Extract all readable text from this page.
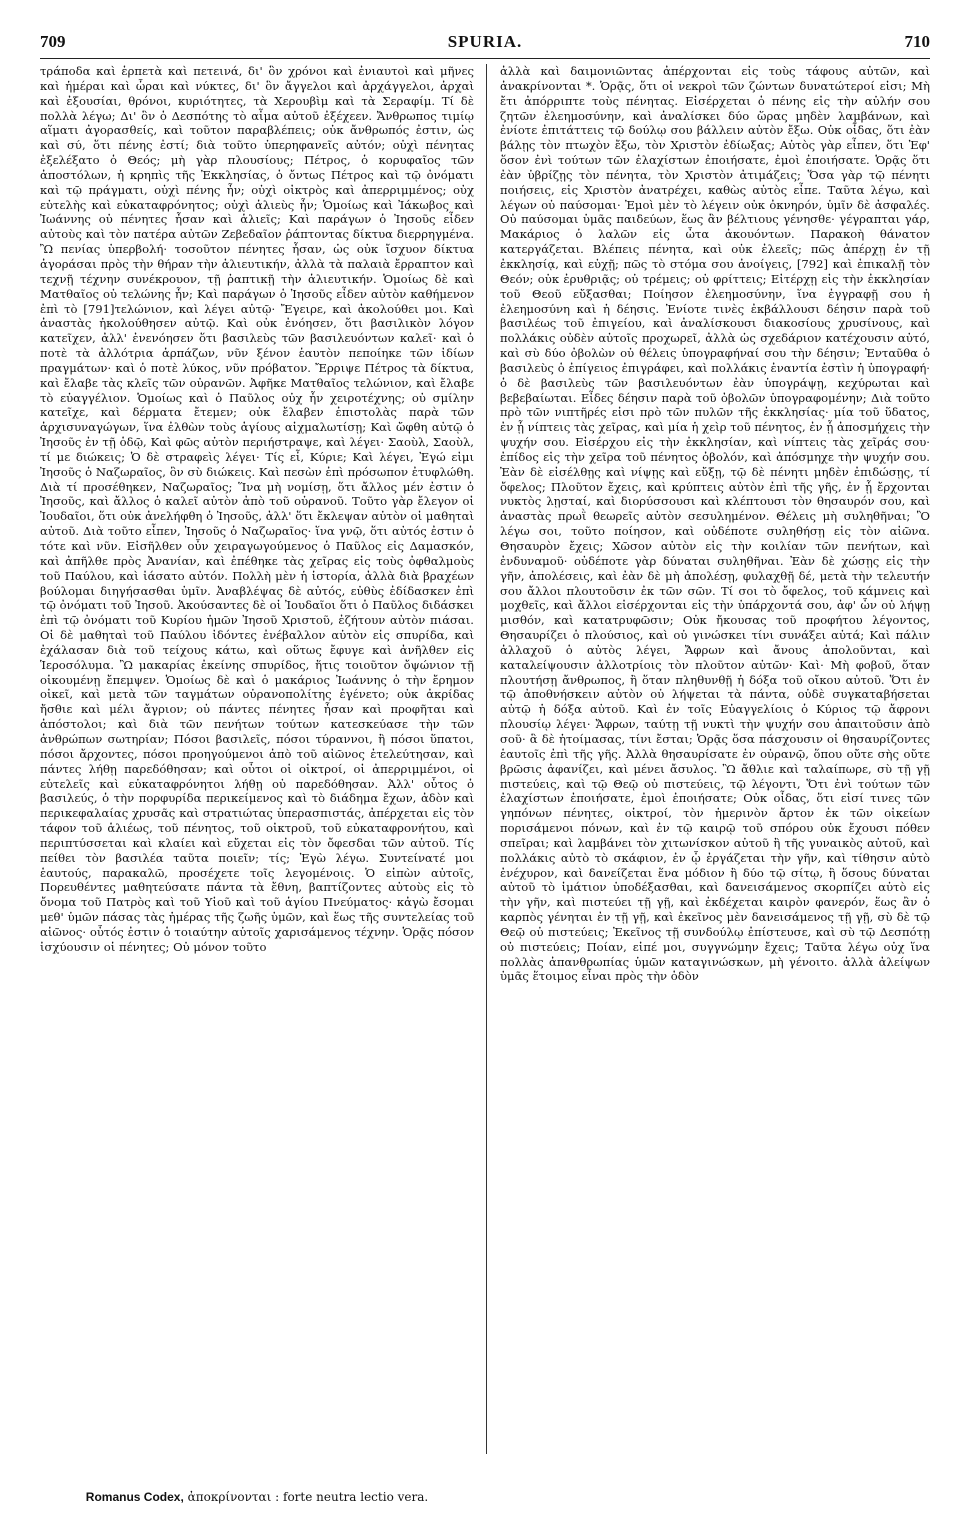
709	SPURIA.	710

τράποδα καὶ ἑρπετὰ καὶ πετεινά, δι' ὃν χρόνοι καὶ ἐνιαυτοὶ καὶ μῆνες καὶ ἡμέραι καὶ ὧραι καὶ νύκτες, δι' ὃν ἄγγελοι καὶ ἀρχάγγελοι, ἀρχαὶ καὶ ἐξουσίαι, θρόνοι, κυριότητες, τὰ Χερουβὶμ καὶ τὰ Σεραφίμ. Τί δὲ πολλὰ λέγω; Δι' ὃν ὁ Δεσπότης τὸ αἷμα αὐτοῦ ἐξέχεεν. Ἄνθρωπος τιμίῳ αἵματι ἀγορασθείς, καὶ τοῦτον παραβλέπεις; οὐκ ἄνθρωπός ἐστιν, ὡς καὶ σύ, ὅτι πένης ἐστί; διὰ τοῦτο ὑπερηφανεῖς αὐτόν; οὐχὶ πένητας ἐξελέξατο ὁ Θεός; μὴ γὰρ πλουσίους; Πέτρος, ὁ κορυφαῖος τῶν ἀποστόλων, ἡ κρηπὶς τῆς Ἐκκλησίας, ὁ ὄντως Πέτρος καὶ τῷ ὀνόματι καὶ τῷ πράγματι, οὐχὶ πένης ἦν; οὐχὶ οἰκτρὸς καὶ ἀπερριμμένος; οὐχ εὐτελὴς καὶ εὐκαταφρόνητος; οὐχὶ ἁλιεὺς ἦν; Ὁμοίως καὶ Ἰάκωβος καὶ Ἰωάννης οὐ πένητες ἦσαν καὶ ἁλιεῖς; Καὶ παράγων ὁ Ἰησοῦς εἶδεν αὐτοὺς καὶ τὸν πατέρα αὐτῶν Ζεβεδαῖον ῥάπτοντας δίκτυα διερρηγμένα. Ὢ πενίας ὑπερβολή· τοσοῦτον πένητες ἦσαν, ὡς οὐκ ἴσχυον δίκτυα ἀγοράσαι πρὸς τὴν θήραν τὴν ἁλιευτικήν, ἀλλὰ τὰ παλαιὰ ἔρραπτον καὶ τεχνῇ τέχνην συνέκρουον, τῇ ῥαπτικῇ τὴν ἁλιευτικήν. Ὁμοίως δὲ καὶ Ματθαῖος οὐ τελώνης ἦν; Καὶ παράγων ὁ Ἰησοῦς εἶδεν αὐτὸν καθήμενον ἐπὶ τὸ [791]τελώνιον, καὶ λέγει αὐτῷ· Ἔγειρε, καὶ ἀκολούθει μοι. Καὶ ἀναστὰς ἠκολούθησεν αὐτῷ. Καὶ οὐκ ἐνόησεν, ὅτι βασιλικὸν λόγον κατεῖχεν, ἀλλ' ἐνενόησεν ὅτι βασιλεὺς τῶν βασιλευόντων καλεῖ· καὶ ὁ ποτὲ τὰ ἀλλότρια ἁρπάζων, νῦν ξένον ἑαυτὸν πεποίηκε τῶν ἰδίων πραγμάτων· καὶ ὁ ποτὲ λύκος, νῦν πρόβατον. Ἔρριψε Πέτρος τὰ δίκτυα, καὶ ἔλαβε τὰς κλεῖς τῶν οὐρανῶν. Ἀφῆκε Ματθαῖος τελώνιον, καὶ ἔλαβε τὸ εὐαγγέλιον. Ὁμοίως καὶ ὁ Παῦλος οὐχ ἦν χειροτέχνης; οὐ σμίλην κατεῖχε, καὶ δέρματα ἔτεμεν; οὐκ ἔλαβεν ἐπιστολὰς παρὰ τῶν ἀρχισυναγώγων, ἵνα ἐλθὼν τοὺς ἁγίους αἰχμαλωτίσῃ; Καὶ ὤφθη αὐτῷ ὁ Ἰησοῦς ἐν τῇ ὁδῷ, Καὶ φῶς αὐτὸν περιήστραψε, καὶ λέγει· Σαοὺλ, Σαοὺλ, τί με διώκεις; Ὁ δὲ στραφεὶς λέγει· Τίς εἶ, Κύριε; Καὶ λέγει, Ἐγώ εἰμι Ἰησοῦς ὁ Ναζωραῖος, ὃν σὺ διώκεις. Καὶ πεσὼν ἐπὶ πρόσωπον ἐτυφλώθη. Διὰ τί προσέθηκεν, Ναζωραῖος; Ἵνα μὴ νομίσῃ, ὅτι ἄλλος μέν ἐστιν ὁ Ἰησοῦς, καὶ ἄλλος ὁ καλεῖ αὐτὸν ἀπὸ τοῦ οὐρανοῦ. Τοῦτο γὰρ ἔλεγον οἱ Ἰουδαῖοι, ὅτι οὐκ ἀνελήφθη ὁ Ἰησοῦς, ἀλλ' ὅτι ἔκλεψαν αὐτὸν οἱ μαθηταὶ αὐτοῦ. Διὰ τοῦτο εἶπεν, Ἰησοῦς ὁ Ναζωραῖος· ἵνα γνῷ, ὅτι αὐτός ἐστιν ὁ τότε καὶ νῦν. Εἰσῆλθεν οὖν χειραγωγούμενος ὁ Παῦλος εἰς Δαμασκόν, καὶ ἀπῆλθε πρὸς Ἀνανίαν, καὶ ἐπέθηκε τὰς χεῖρας εἰς τοὺς ὀφθαλμοὺς τοῦ Παύλου, καὶ ἰάσατο αὐτόν. Πολλὴ μὲν ἡ ἱστορία, ἀλλὰ διὰ βραχέων βούλομαι διηγήσασθαι ὑμῖν. Ἀναβλέψας δὲ αὐτός, εὐθὺς ἐδίδασκεν ἐπὶ τῷ ὀνόματι τοῦ Ἰησοῦ. Ἀκούσαντες δὲ οἱ Ἰουδαῖοι ὅτι ὁ Παῦλος διδάσκει ἐπὶ τῷ ὀνόματι τοῦ Κυρίου ἡμῶν Ἰησοῦ Χριστοῦ, ἐζήτουν αὐτὸν πιάσαι. Οἱ δὲ μαθηταὶ τοῦ Παύλου ἰδόντες ἐνέβαλλον αὐτὸν εἰς σπυρίδα, καὶ ἐχάλασαν διὰ τοῦ τείχους κάτω, καὶ οὕτως ἔφυγε καὶ ἀνῆλθεν εἰς Ἱεροσόλυμα. Ὢ μακαρίας ἐκείνης σπυρίδος, ἥτις τοιοῦτον ὄψώνιον τῇ οἰκουμένῃ ἔπεμψεν. Ὁμοίως δὲ καὶ ὁ μακάριος Ἰωάννης ὁ τὴν ἔρημον οἰκεῖ, καὶ μετὰ τῶν ταγμάτων οὐρανοπολίτης ἐγένετο; οὐκ ἀκρίδας ἤσθιε καὶ μέλι ἄγριον; οὐ πάντες πένητες ἦσαν καὶ προφῆται καὶ ἀπόστολοι; καὶ διὰ τῶν πενήτων τούτων κατεσκεύασε τὴν τῶν ἀνθρώπων σωτηρίαν; Πόσοι βασιλεῖς, πόσοι τύραννοι, ἢ πόσοι ὕπατοι, πόσοι ἄρχοντες, πόσοι προηγούμενοι ἀπὸ τοῦ αἰῶνος ἐτελεύτησαν, καὶ πάντες λήθῃ παρεδόθησαν; καὶ οὗτοι οἱ οἰκτροί, οἱ ἀπερριμμένοι, οἱ εὐτελεῖς καὶ εὐκαταφρόνητοι λήθῃ οὐ παρεδόθησαν. Ἀλλ' οὗτος ὁ βασιλεύς, ὁ τὴν πορφυρίδα περικείμενος καὶ τὸ διάδημα ἔχων, ἀδὸν καὶ περικεφαλαίας χρυσᾶς καὶ στρατιώτας ὑπερασπιστάς, ἀπέρχεται εἰς τὸν τάφον τοῦ ἁλιέως, τοῦ πένητος, τοῦ οἰκτροῦ, τοῦ εὐκαταφρονήτου, καὶ περιπτύσσεται καὶ κλαίει καὶ εὔχεται εἰς τὸν ὄφεσδαι τῶν αὐτοῦ. Τίς πείθει τὸν βασιλέα ταῦτα ποιεῖν; τίς; Ἐγὼ λέγω. Συντείνατέ μοι ἑαυτούς, παρακαλῶ, προσέχετε τοῖς λεγομένοις. Ὁ εἰπὼν αὐτοῖς, Πορευθέντες μαθητεύσατε πάντα τὰ ἔθνη, βαπτίζοντες αὐτοὺς εἰς τὸ ὄνομα τοῦ Πατρὸς καὶ τοῦ Υἱοῦ καὶ τοῦ ἁγίου Πνεύματος· κἀγὼ ἔσομαι μεθ' ὑμῶν πάσας τὰς ἡμέρας τῆς ζωῆς ὑμῶν, καὶ ἕως τῆς συντελείας τοῦ αἰῶνος· οὗτός ἐστιν ὁ τοιαύτην αὐτοῖς χαρισάμενος τέχνην. Ὁρᾷς πόσον ἰσχύουσιν οἱ πένητες; Οὐ μόνον τοῦτο

ἀλλὰ καὶ δαιμονιῶντας ἀπέρχονται εἰς τοὺς τάφους αὐτῶν, καὶ ἀνακρίνονται *. Ὁρᾷς, ὅτι οἱ νεκροὶ τῶν ζώντων δυνατώτεροί εἰσι; Μὴ ἔτι ἀπόρριπτε τοὺς πένητας. Εἰσέρχεται ὁ πένης εἰς τὴν αὐλήν σου ζητῶν ἐλεημοσύνην, καὶ ἀναλίσκει δύο ὥρας μηδὲν λαμβάνων, καὶ ἐνίοτε ἐπιτάττεις τῷ δούλῳ σου βάλλειν αὐτὸν ἔξω. Οὐκ οἶδας, ὅτι ἐὰν βάλῃς τὸν πτωχὸν ἔξω, τὸν Χριστὸν ἐδίωξας; Αὐτὸς γὰρ εἶπεν, ὅτι Ἐφ' ὅσον ἐνὶ τούτων τῶν ἐλαχίστων ἐποιήσατε, ἐμοὶ ἐποιήσατε. Ὁρᾷς ὅτι ἐὰν ὑβρίζῃς τὸν πένητα, τὸν Χριστὸν ἀτιμάζεις; Ὅσα γὰρ τῷ πένητι ποιήσεις, εἰς Χριστὸν ἀνατρέχει, καθὼς αὐτὸς εἶπε. Ταῦτα λέγω, καὶ λέγων οὐ παύσομαι· Ἐμοὶ μὲν τὸ λέγειν οὐκ ὀκνηρόν, ὑμῖν δὲ ἀσφαλές. Οὐ παύσομαι ὑμᾶς παιδεύων, ἕως ἂν βέλτιους γένησθε· γέγραπται γάρ, Μακάριος ὁ λαλῶν εἰς ὦτα ἀκουόντων. Παρακοὴ θάνατον κατεργάζεται. Βλέπεις πένητα, καὶ οὐκ ἐλεεῖς; πῶς ἀπέρχῃ ἐν τῇ ἐκκλησίᾳ, καὶ εὐχῇ; πῶς τὸ στόμα σου ἀνοίγεις, [792] καὶ ἐπικαλῇ τὸν Θεόν; οὐκ ἐρυθριᾷς; οὐ τρέμεις; οὐ φρίττεις; Εἰτέρχῃ εἰς τὴν ἐκκλησίαν τοῦ Θεοῦ εὔξασθαι; Ποίησον ἐλεημοσύνην, ἵνα ἐγγραφῇ σου ἡ ἐλεημοσύνη καὶ ἡ δέησις. Ἐνίοτε τινὲς ἐκβάλλουσι δέησιν παρὰ τοῦ βασιλέως τοῦ ἐπιγείου, καὶ ἀναλίσκουσι διακοσίους χρυσίνους, καὶ πολλάκις οὐδὲν αὐτοῖς προχωρεῖ, ἀλλὰ ὡς σχεδάριον κατέχουσιν αὐτό, καὶ σὺ δύο ὀβολὼν οὐ θέλεις ὑπογραφήναί σου τὴν δέησιν; Ἐνταῦθα ὁ βασιλεὺς ὁ ἐπίγειος ἐπιγράφει, καὶ πολλάκις ἐναντία ἐστὶν ἡ ὑπογραφή· ὁ δὲ βασιλεὺς τῶν βασιλευόντων ἐὰν ὑπογράψῃ, κεχύρωται καὶ βεβεβαίωται. Εἶδες δέησιν παρὰ τοῦ ὀβολῶν ὑπογραφομένην; Διὰ τοῦτο πρὸ τῶν νιπτῆρές εἰσι πρὸ τῶν πυλῶν τῆς ἐκκλησίας· μία τοῦ ὕδατος, ἐν ᾗ νίπτεις τὰς χεῖρας, καὶ μία ἡ χεὶρ τοῦ πένητος, ἐν ᾗ ἀποσμήχεις τὴν ψυχήν σου. Εἰσέρχου εἰς τὴν ἐκκλησίαν, καὶ νίπτεις τὰς χεῖράς σου· ἐπίδος εἰς τὴν χεῖρα τοῦ πένητος ὀβολόν, καὶ ἀπόσμηχε τὴν ψυχήν σου. Ἐὰν δὲ εἰσέλθῃς καὶ νίψῃς καὶ εὔξῃ, τῷ δὲ πένητι μηδὲν ἐπιδώσῃς, τί ὄφελος; Πλοῦτον ἔχεις, καὶ κρύπτεις αὐτὸν ἐπὶ τῆς γῆς, ἐν ᾗ ἔρχονται νυκτὸς λῃσταί, καὶ διορύσσουσι καὶ κλέπτουσι τὸν θησαυρόν σου, καὶ ἀναστὰς πρωῒ θεωρεῖς αὐτὸν σεσυλημένον. Θέλεις μὴ συληθῆναι; Ὃ λέγω σοι, τοῦτο ποίησον, καὶ οὐδέποτε συληθήσῃ εἰς τὸν αἰῶνα. Θησαυρὸν ἔχεις; Χῶσον αὐτὸν εἰς τὴν κοιλίαν τῶν πενήτων, καὶ ἐνδυναμοῦ· οὐδέποτε γὰρ δύναται συληθῆναι. Ἐὰν δὲ χώσῃς εἰς τὴν γῆν, ἀπολέσεις, καὶ ἐὰν δὲ μὴ ἀπολέσῃ, φυλαχθῇ δέ, μετὰ τὴν τελευτήν σου ἄλλοι πλουτοῦσιν ἐκ τῶν σῶν. Τί σοι τὸ ὄφελος, τοῦ κάμνεις καὶ μοχθεῖς, καὶ ἄλλοι εἰσέρχονται εἰς τὴν ὑπάρχοντά σου, ἀφ' ὧν οὐ λήψῃ μισθόν, καὶ κατατρυφῶσιν; Οὐκ ἤκουσας τοῦ προφήτου λέγοντος, Θησαυρίζει ὁ πλούσιος, καὶ οὐ γινώσκει τίνι συνάξει αὐτά; Καὶ πάλιν ἀλλαχοῦ ὁ αὐτὸς λέγει, Ἄφρων καὶ ἄνους ἀπολοῦνται, καὶ καταλείψουσιν ἀλλοτρίοις τὸν πλοῦτον αὐτῶν· Καὶ· Μὴ φοβοῦ, ὅταν πλουτήσῃ ἄνθρωπος, ἢ ὅταν πληθυνθῇ ἡ δόξα τοῦ οἴκου αὐτοῦ. Ὅτι ἐν τῷ ἀποθνήσκειν αὐτὸν οὐ λήψεται τὰ πάντα, οὐδὲ συγκαταβήσεται αὐτῷ ἡ δόξα αὐτοῦ. Καὶ ἐν τοῖς Εὐαγγελίοις ὁ Κύριος τῷ ἄφρονι πλουσίῳ λέγει· Ἄφρων, ταύτῃ τῇ νυκτὶ τὴν ψυχήν σου ἀπαιτοῦσιν ἀπὸ σοῦ· ἃ δὲ ἡτοίμασας, τίνι ἔσται; Ὁρᾷς ὅσα πάσχουσιν οἱ θησαυρίζοντες ἑαυτοῖς ἐπὶ τῆς γῆς. Ἀλλὰ θησαυρίσατε ἐν οὐρανῷ, ὅπου οὔτε σὴς οὔτε βρῶσις ἀφανίζει, καὶ μένει ἄσυλος. Ὢ ἄθλιε καὶ ταλαίπωρε, σὺ τῇ γῇ πιστεύεις, καὶ τῷ Θεῷ οὐ πιστεύεις, τῷ λέγοντι, Ὅτι ἐνὶ τούτων τῶν ἐλαχίστων ἐποιήσατε, ἐμοὶ ἐποιήσατε; Οὐκ οἶδας, ὅτι εἰσί τινες τῶν γηπόνων πένητες, οἰκτροί, τὸν ἡμερινὸν ἄρτον ἐκ τῶν οἰκείων πορισάμενοι πόνων, καὶ ἐν τῷ καιρῷ τοῦ σπόρου οὐκ ἔχουσι πόθεν σπεῖραι; καὶ λαμβάνει τὸν χιτωνίσκον αὐτοῦ ἢ τῆς γυναικὸς αὐτοῦ, καὶ πολλάκις αὐτὸ τὸ σκάφιον, ἐν ᾧ ἐργάζεται τὴν γῆν, καὶ τίθησιν αὐτὸ ἐνέχυρον, καὶ δανείζεται ἕνα μόδιον ἢ δύο τῷ σίτῳ, ἢ ὅσους δύναται αὐτοῦ τὸ ἱμάτιον ὑποδέξασθαι, καὶ δανεισάμενος σκορπίζει αὐτὸ εἰς τὴν γῆν, καὶ πιστεύει τῇ γῇ, καὶ ἐκδέχεται καιρὸν φανερόν, ἕως ἂν ὁ καρπὸς γένηται ἐν τῇ γῇ, καὶ ἐκεῖνος μὲν δανεισάμενος τῇ γῇ, σὺ δὲ τῷ Θεῷ οὐ πιστεύεις; Ἐκεῖνος τῇ συνδούλῳ ἐπίστευσε, καὶ σὺ τῷ Δεσπότῃ οὐ πιστεύεις; Ποίαν, εἰπέ μοι, συγγνώμην ἔχεις; Ταῦτα λέγω οὐχ ἵνα πολλὰς ἀπανθρωπίας ὑμῶν καταγινώσκων, μὴ γένοιτο. ἀλλὰ ἀλείψων ὑμᾶς ἕτοιμος εἶναι πρὸς τὴν ὁδὸν

Romanus Codex, ἀποκρίνονται : forte neutra lectio vera.
